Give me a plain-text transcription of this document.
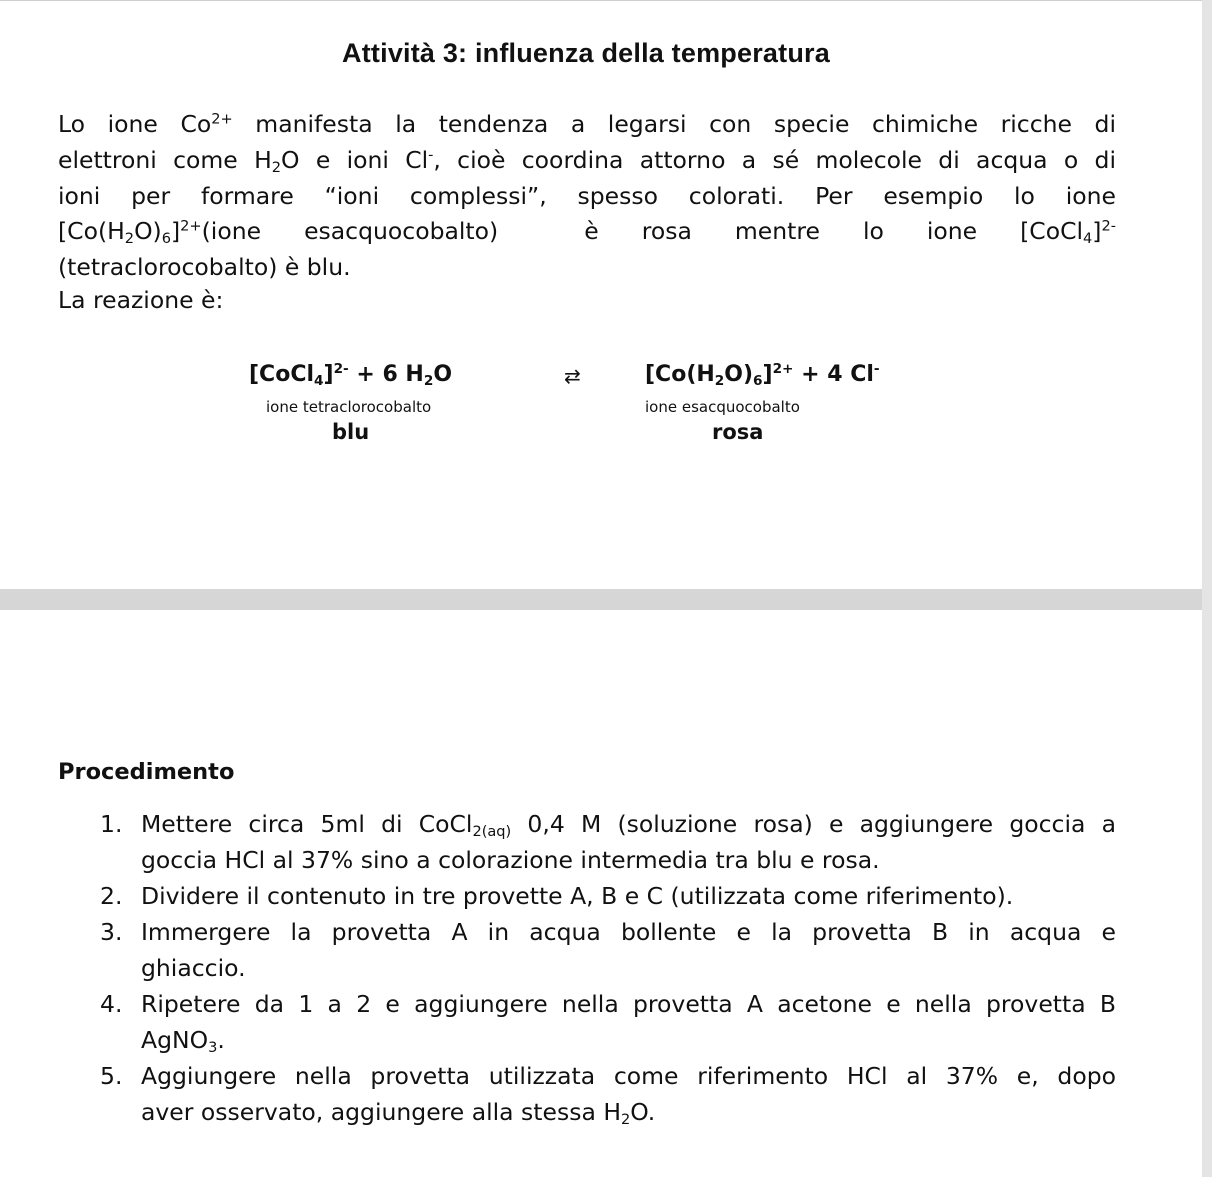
Attività 3: influenza della temperatura
Lo ione $Co^{2+}$ manifesta la tendenza a legarsi con specie chimiche ricche di
elettroni come $H_2O$ e ioni Cl-, cioè coordina attorno a sé molecole di acqua o di
ioni per formare “ioni complessi”, spesso colorati. Per esempio lo ione
$[Co(H_2O)_6]^{2+}(ione$ esacquocobalto)  è rosa mentre lo ione [CoCl$_4$]$^{2-}$
(tetraclorocobalto) è blu.
La reazione è:
[CoCl$_4$]$^{2-}$ + 6 $H_2O$	⇄	$[Co(H_2O)_6]^{2+} + 4$ Cl-
ione tetraclorocobalto
blu
ione esacquocobalto
rosa
Procedimento
1. Mettere circa 5ml di CoCl$_{2(aq)}$ 0,4 M (soluzione rosa) e aggiungere goccia a
goccia HCl al 37% sino a colorazione intermedia tra blu e rosa.
2. Dividere il contenuto in tre provette A, B e C (utilizzata come riferimento).
3. Immergere la provetta A in acqua bollente e la provetta B in acqua e
ghiaccio.
4. Ripetere da 1 a 2 e aggiungere nella provetta A acetone e nella provetta B
AgNO$_3$.
5. Aggiungere nella provetta utilizzata come riferimento HCl al 37% e, dopo
aver osservato, aggiungere alla stessa $H_2O$.
